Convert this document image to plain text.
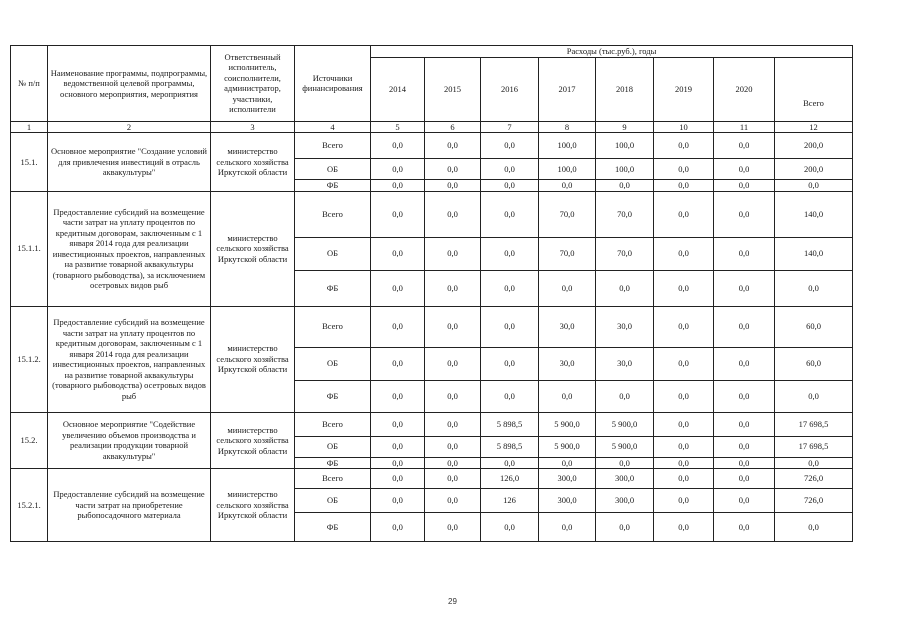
№ п/п	Наименование программы, подпрограммы, ведомственной целевой программы, основного мероприятия, мероприятия	Ответственный исполнитель, соисполнители, администратор, участники, исполнители	Источники финансирования	Расходы (тыс.руб.), годы							
				2014	2015	2016	2017	2018	2019	2020	Всего
1	2	3	4	5	6	7	8	9	10	11	12
15.1.	Основное мероприятие "Создание условий для привлечения инвестиций в отрасль аквакультуры"	министерство сельского хозяйства Иркутской области	Всего	0,0	0,0	0,0	100,0	100,0	0,0	0,0	200,0
			ОБ	0,0	0,0	0,0	100,0	100,0	0,0	0,0	200,0
			ФБ	0,0	0,0	0,0	0,0	0,0	0,0	0,0	0,0
15.1.1.	Предоставление субсидий на возмещение части затрат на уплату процентов по кредитным договорам, заключенным с 1 января 2014 года для реализации инвестиционных проектов, направленных на развитие товарной аквакультуры (товарного рыбоводства), за исключением осетровых видов рыб	министерство сельского хозяйства Иркутской области	Всего	0,0	0,0	0,0	70,0	70,0	0,0	0,0	140,0
			ОБ	0,0	0,0	0,0	70,0	70,0	0,0	0,0	140,0
			ФБ	0,0	0,0	0,0	0,0	0,0	0,0	0,0	0,0
15.1.2.	Предоставление субсидий на возмещение части затрат на уплату процентов по кредитным договорам, заключенным с 1 января 2014 года для реализации инвестиционных проектов, направленных на развитие товарной аквакультуры (товарного рыбоводства) осетровых видов рыб	министерство сельского хозяйства Иркутской области	Всего	0,0	0,0	0,0	30,0	30,0	0,0	0,0	60,0
			ОБ	0,0	0,0	0,0	30,0	30,0	0,0	0,0	60,0
			ФБ	0,0	0,0	0,0	0,0	0,0	0,0	0,0	0,0
15.2.	Основное мероприятие "Содействие увеличению объемов производства и реализации продукции товарной аквакультуры"	министерство сельского хозяйства Иркутской области	Всего	0,0	0,0	5 898,5	5 900,0	5 900,0	0,0	0,0	17 698,5
			ОБ	0,0	0,0	5 898,5	5 900,0	5 900,0	0,0	0,0	17 698,5
			ФБ	0,0	0,0	0,0	0,0	0,0	0,0	0,0	0,0
15.2.1.	Предоставление субсидий на возмещение части затрат на приобретение рыбопосадочного материала	министерство сельского хозяйства Иркутской области	Всего	0,0	0,0	126,0	300,0	300,0	0,0	0,0	726,0
			ОБ	0,0	0,0	126	300,0	300,0	0,0	0,0	726,0
			ФБ	0,0	0,0	0,0	0,0	0,0	0,0	0,0	0,0
29
